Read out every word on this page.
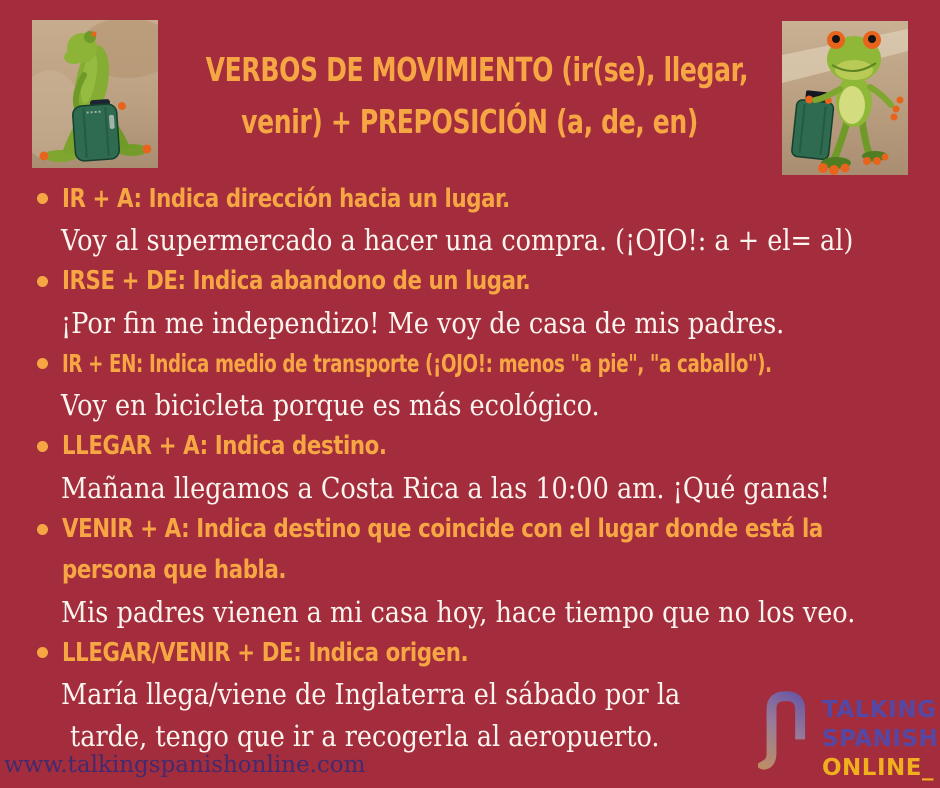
VERBOS DE MOVIMIENTO (ir(se), llegar,
venir) + PREPOSICIÓN (a, de, en)
IR + A: Indica dirección hacia un lugar.
Voy al supermercado a hacer una compra. (¡OJO!: a + el= al)
IRSE + DE: Indica abandono de un lugar.
¡Por fin me independizo! Me voy de casa de mis padres.
IR + EN: Indica medio de transporte (¡OJO!: menos "a pie", "a caballo").
Voy en bicicleta porque es más ecológico.
LLEGAR + A: Indica destino.
Mañana llegamos a Costa Rica a las 10:00 am. ¡Qué ganas!
VENIR + A: Indica destino que coincide con el lugar donde está la
persona que habla.
Mis padres vienen a mi casa hoy, hace tiempo que no los veo.
LLEGAR/VENIR + DE: Indica origen.
María llega/viene de Inglaterra el sábado por la
tarde, tengo que ir a recogerla al aeropuerto.
www.talkingspanishonline.com
TALKING
SPANISH
ONLINE_
